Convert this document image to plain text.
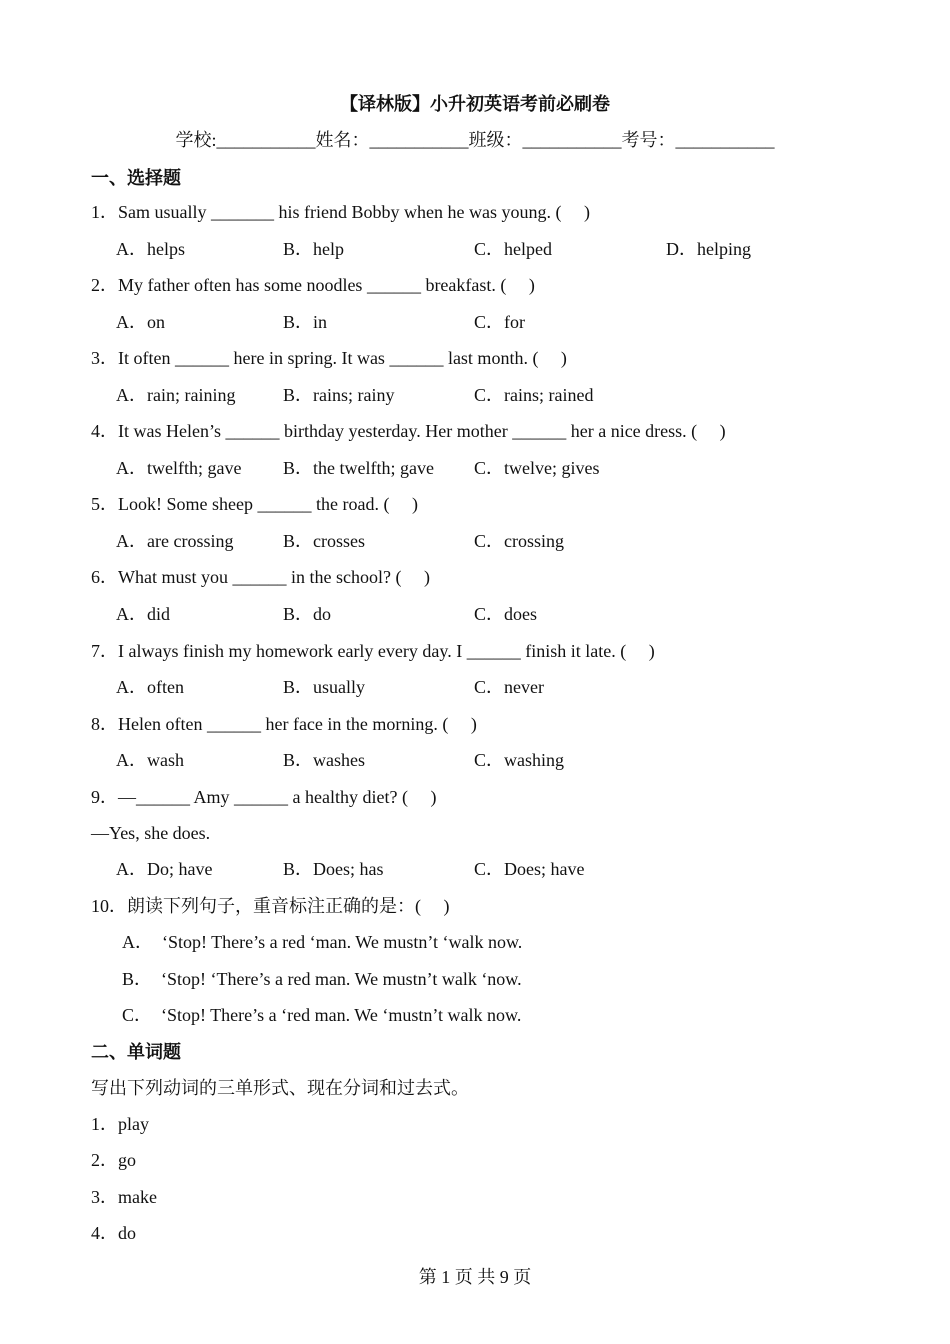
【译林版】小升初英语考前必刷卷
学校:___________姓名：___________班级：___________考号：___________
一、选择题
1．Sam usually _______ his friend Bobby when he was young. (　 )
A．helps	B．help	C．helped	D．helping
2．My father often has some noodles ______ breakfast. (　 )
A．on	B．in	C．for
3．It often ______ here in spring. It was ______ last month. (　 )
A．rain; raining	B．rains; rainy	C．rains; rained
4．It was Helen’s ______ birthday yesterday. Her mother ______ her a nice dress. (　 )
A．twelfth; gave B．the twelfth; gave C．twelve; gives
5．Look! Some sheep ______ the road. (　 )
A．are crossing	B．crosses	C．crossing
6．What must you ______ in the school? (　 )
A．did	B．do	C．does
7．I always finish my homework early every day. I ______ finish it late. (　 )
A．often	B．usually	C．never
8．Helen often ______ her face in the morning. (　 )
A．wash	B．washes	C．washing
9．—______ Amy ______ a healthy diet? (　 )
—Yes, she does.
A．Do; have	B．Does; has	C．Does; have
10．朗读下列句子，重音标注正确的是：(　 )
A．　‘Stop! There’s a red ‘man. We mustn’t ‘walk now.
B．　‘Stop! ‘There’s a red man. We mustn’t walk ‘now.
C．　‘Stop! There’s a ‘red man. We ‘mustn’t walk now.
二、单词题
写出下列动词的三单形式、现在分词和过去式。
1．play
2．go
3．make
4．do
第 1 页 共 9 页
